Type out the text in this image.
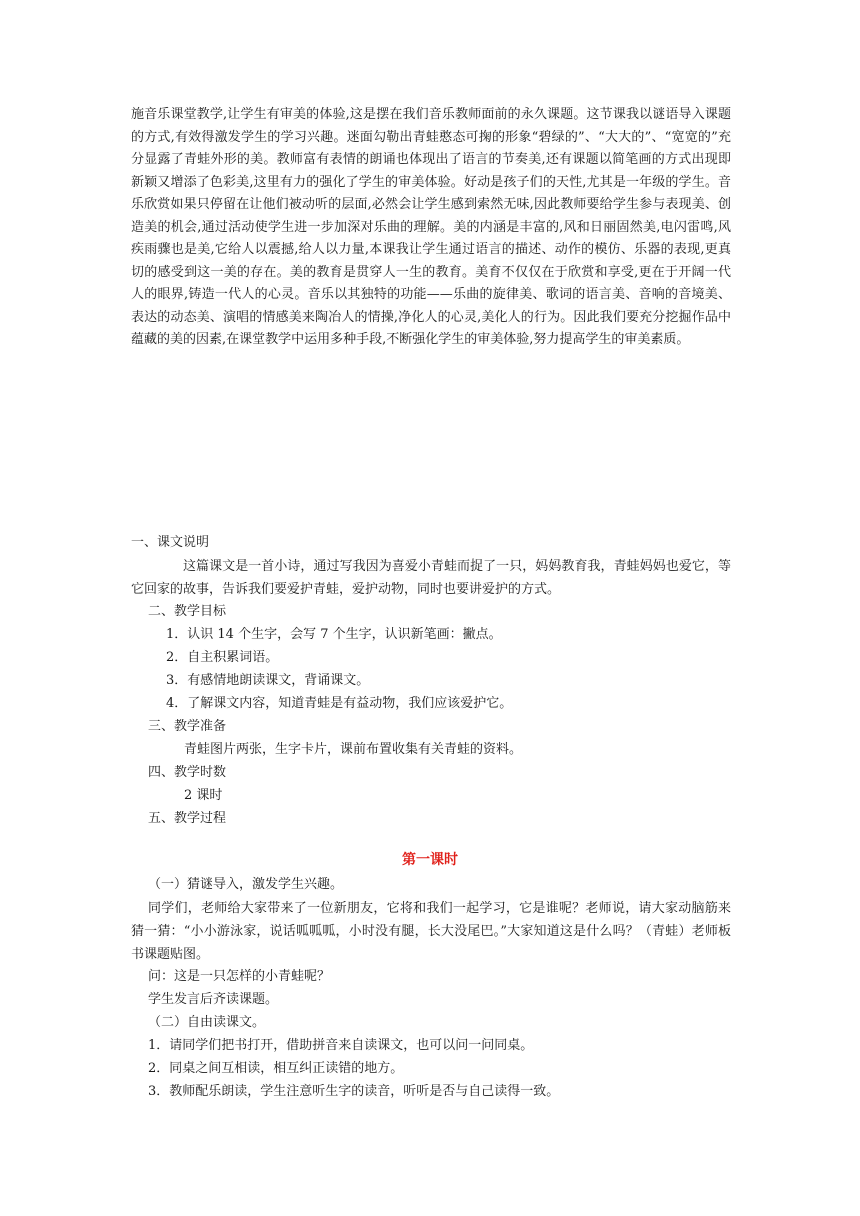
施音乐课堂教学,让学生有审美的体验,这是摆在我们音乐教师面前的永久课题。这节课我以谜语导入课题的方式,有效得激发学生的学习兴趣。迷面勾勒出青蛙憨态可掬的形象“碧绿的”、“大大的”、“宽宽的”充分显露了青蛙外形的美。教师富有表情的朗诵也体现出了语言的节奏美,还有课题以简笔画的方式出现即新颖又增添了色彩美,这里有力的强化了学生的审美体验。好动是孩子们的天性,尤其是一年级的学生。音乐欣赏如果只停留在让他们被动听的层面,必然会让学生感到索然无味,因此教师要给学生参与表现美、创造美的机会,通过活动使学生进一步加深对乐曲的理解。美的内涵是丰富的,风和日丽固然美,电闪雷鸣,风疾雨骤也是美,它给人以震撼,给人以力量,本课我让学生通过语言的描述、动作的模仿、乐器的表现,更真切的感受到这一美的存在。美的教育是贯穿人一生的教育。美育不仅仅在于欣赏和享受,更在于开阔一代人的眼界,铸造一代人的心灵。音乐以其独特的功能——乐曲的旋律美、歌词的语言美、音响的音境美、表达的动态美、演唱的情感美来陶冶人的情操,净化人的心灵,美化人的行为。因此我们要充分挖掘作品中蕴藏的美的因素,在课堂教学中运用多种手段,不断强化学生的审美体验,努力提高学生的审美素质。

一、课文说明

这篇课文是一首小诗，通过写我因为喜爱小青蛙而捉了一只，妈妈教育我，青蛙妈妈也爱它，等它回家的故事，告诉我们要爱护青蛙，爱护动物，同时也要讲爱护的方式。

二、教学目标

1．认识 14 个生字，会写 7 个生字，认识新笔画：撇点。

2．自主积累词语。

3．有感情地朗读课文，背诵课文。

4．了解课文内容，知道青蛙是有益动物，我们应该爱护它。

三、教学准备

青蛙图片两张，生字卡片，课前布置收集有关青蛙的资料。

四、教学时数

2 课时

五、教学过程

第一课时

（一）猜谜导入，激发学生兴趣。

同学们，老师给大家带来了一位新朋友，它将和我们一起学习，它是谁呢？老师说，请大家动脑筋来猜一猜：“小小游泳家，说话呱呱呱，小时没有腿，长大没尾巴。”大家知道这是什么吗？（青蛙）老师板书课题贴图。

问：这是一只怎样的小青蛙呢？

学生发言后齐读课题。

（二）自由读课文。

1．请同学们把书打开，借助拼音来自读课文，也可以问一问同桌。

2．同桌之间互相读，相互纠正读错的地方。

3．教师配乐朗读，学生注意听生字的读音，听听是否与自己读得一致。
